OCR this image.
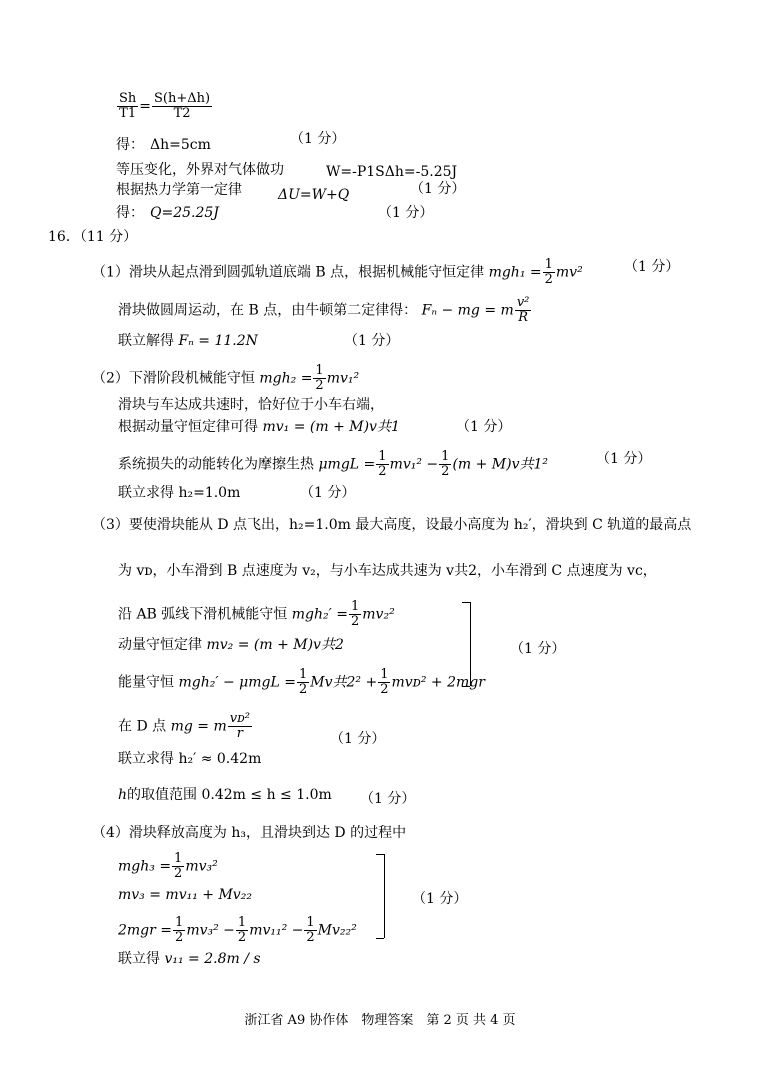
$\frac{Sh}{T1} = \frac{S(h+\Delta h)}{T2}$
得： Δh=5cm	（1 分）
等压变化，外界对气体做功	W=-P1SΔh=-5.25J
根据热力学第一定律	ΔU=W+Q	（1 分）
得： Q=25.25J	（1 分）
16．（11 分）
（1）滑块从起点滑到圆弧轨道底端 B 点，根据机械能守恒定律 $mgh_1 = \frac{1}{2} mv^2$	（1 分）
滑块做圆周运动，在 B 点，由牛顿第二定律得： Fₙ − mg = m $\frac{\text{v²}}{R}$
联立解得 Fₙ = 11.2N	（1 分）
（2）下滑阶段机械能守恒 $mgh_2 = \frac{1}{2} mv_1^2$
滑块与车达成共速时，恰好位于小车右端，
根据动量守恒定律可得 mv₁ = (m + M)v共1	（1 分）
系统损失的动能转化为摩擦生热 $\mu mgL = \frac{1}{2} mv_1^2 - \frac{1}{2} (m + M)v$共1²	（1 分）
联立求得 h₂=1.0m	（1 分）
（3）要使滑块能从 D 点飞出，h₂=1.0m 最大高度，设最小高度为 h₂′，滑块到 C 轨道的最高点
为 vᴅ，小车滑到 B 点速度为 v₂，与小车达成共速为 v共2，小车滑到 C 点速度为 vc，
沿 AB 弧线下滑机械能守恒 $mgh_2' = \frac{1}{2} mv_2^2$
动量守恒定律 mv₂ = (m + M)v共2
能量守恒 $mgh_2' - \mu mgL = \frac{1}{2}$ Mv共$2^2 + \frac{1}{2}$ mvᴅ² + 2mgr
（1 分）
在 D 点 mg = m $\frac{\text{vᴅ²}}{r}$
联立求得 h₂′ ≈ 0.42m
（1 分）
h的取值范围 0.42m ≤ h ≤ 1.0m （1 分）
（4）滑块释放高度为 h₃，且滑块到达 D 的过程中
$mgh_3 = \frac{1}{2} mv_3^2$
mv₃ = mv₁₁ + Mv₂₂
$2mgr = \frac{1}{2} mv_3^2 - \frac{1}{2} mv_{11}^2 - \frac{1}{2} Mv_{22}^2$
（1 分）
联立得 v₁₁ = 2.8m / s
浙江省 A9 协作体　物理答案　第 2 页 共 4 页
